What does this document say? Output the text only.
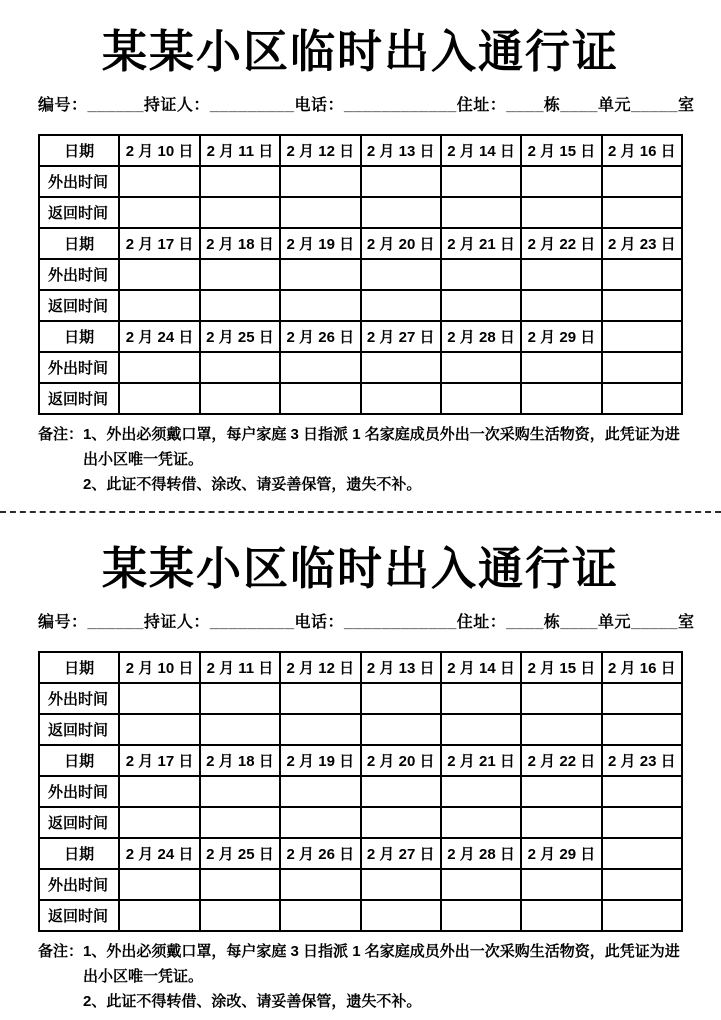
某某小区临时出入通行证
编号：______持证人：_________电话：____________住址：____栋____单元_____室
日期	2 月 10 日	2 月 11 日	2 月 12 日	2 月 13 日	2 月 14 日	2 月 15 日	2 月 16 日
外出时间							
返回时间							
日期	2 月 17 日	2 月 18 日	2 月 19 日	2 月 20 日	2 月 21 日	2 月 22 日	2 月 23 日
外出时间							
返回时间							
日期	2 月 24 日	2 月 25 日	2 月 26 日	2 月 27 日	2 月 28 日	2 月 29 日	
外出时间							
返回时间							
备注： 1、外出必须戴口罩，每户家庭 3 日指派 1 名家庭成员外出一次采购生活物资，此凭证为进出小区唯一凭证。

2、此证不得转借、涂改、请妥善保管，遗失不补。

某某小区临时出入通行证
编号：______持证人：_________电话：____________住址：____栋____单元_____室
日期	2 月 10 日	2 月 11 日	2 月 12 日	2 月 13 日	2 月 14 日	2 月 15 日	2 月 16 日
外出时间							
返回时间							
日期	2 月 17 日	2 月 18 日	2 月 19 日	2 月 20 日	2 月 21 日	2 月 22 日	2 月 23 日
外出时间							
返回时间							
日期	2 月 24 日	2 月 25 日	2 月 26 日	2 月 27 日	2 月 28 日	2 月 29 日	
外出时间							
返回时间							
备注： 1、外出必须戴口罩，每户家庭 3 日指派 1 名家庭成员外出一次采购生活物资，此凭证为进出小区唯一凭证。

2、此证不得转借、涂改、请妥善保管，遗失不补。
